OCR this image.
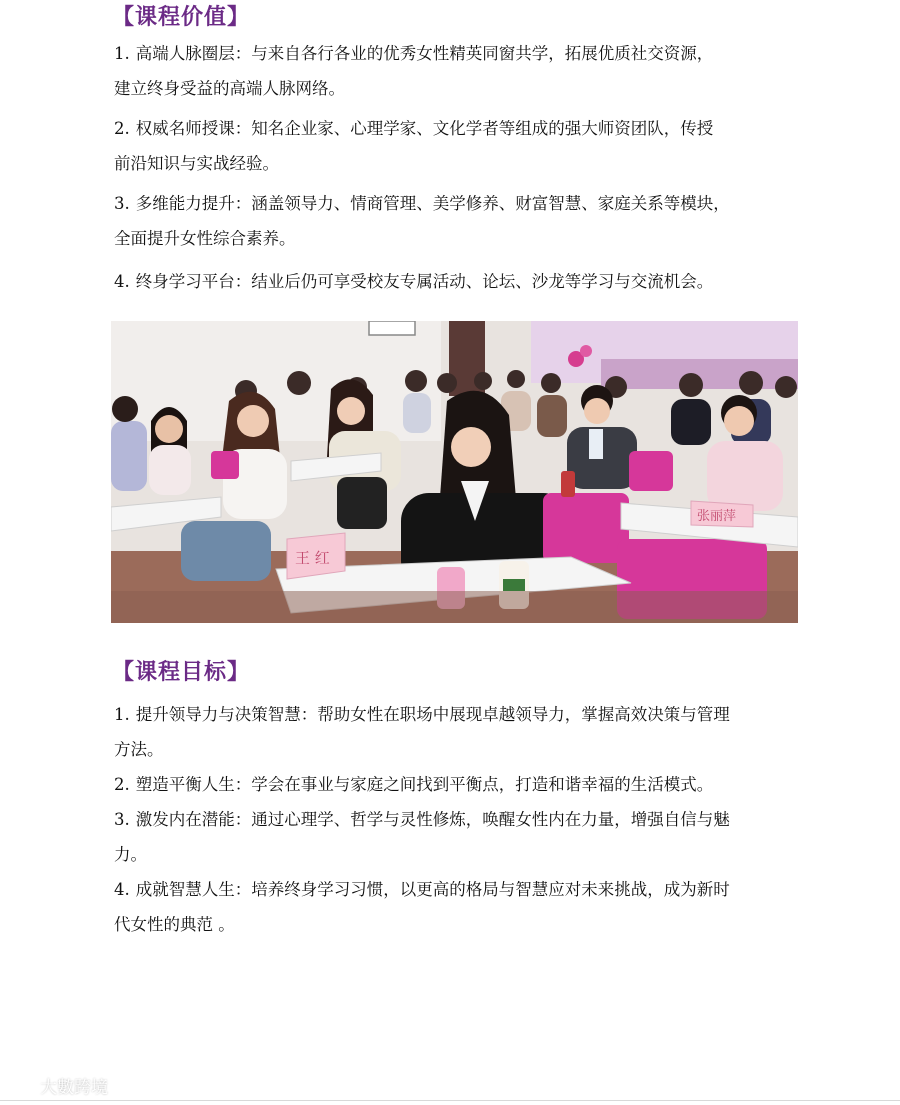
【课程价值】
1. 高端人脉圈层：与来自各行各业的优秀女性精英同窗共学，拓展优质社交资源，
建立终身受益的高端人脉网络。
2. 权威名师授课：知名企业家、心理学家、文化学者等组成的强大师资团队，传授
前沿知识与实战经验。
3. 多维能力提升：涵盖领导力、情商管理、美学修养、财富智慧、家庭关系等模块，
全面提升女性综合素养。
4. 终身学习平台：结业后仍可享受校友专属活动、论坛、沙龙等学习与交流机会。
王 红
张丽萍
【课程目标】
1. 提升领导力与决策智慧：帮助女性在职场中展现卓越领导力，掌握高效决策与管理
方法。
2. 塑造平衡人生：学会在事业与家庭之间找到平衡点，打造和谐幸福的生活模式。
3. 激发内在潜能：通过心理学、哲学与灵性修炼，唤醒女性内在力量，增强自信与魅
力。
4. 成就智慧人生：培养终身学习习惯，以更高的格局与智慧应对未来挑战，成为新时
代女性的典范 。
大數跨境
